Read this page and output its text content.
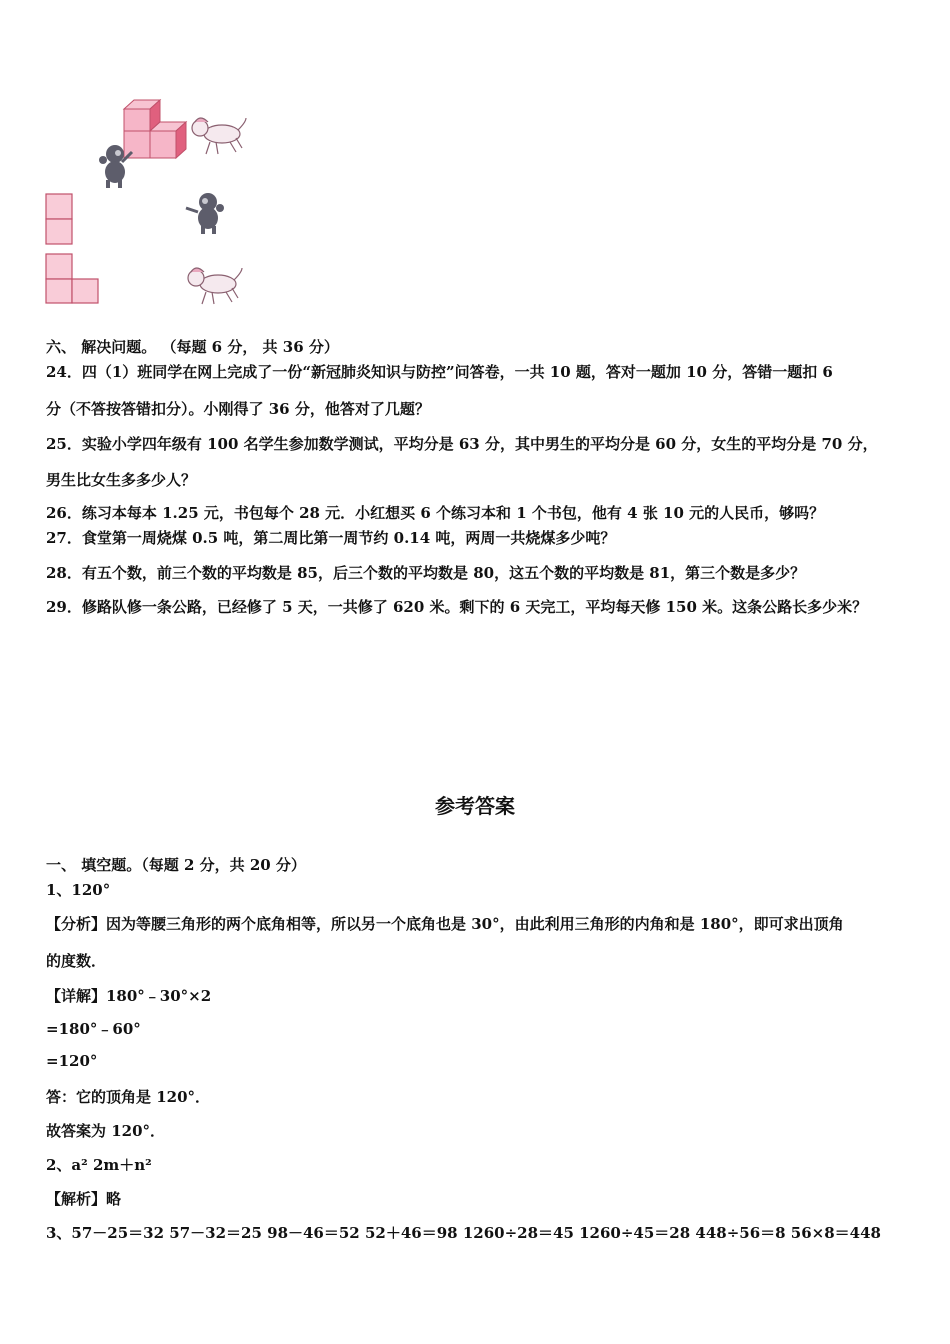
六、 解决问题。 （每题 6 分， 共 36 分）
24．四（1）班同学在网上完成了一份“新冠肺炎知识与防控”问答卷，一共 10 题，答对一题加 10 分，答错一题扣 6
分（不答按答错扣分）。小刚得了 36 分，他答对了几题？
25．实验小学四年级有 100 名学生参加数学测试，平均分是 63 分，其中男生的平均分是 60 分，女生的平均分是 70 分，
男生比女生多多少人？
26．练习本每本 1.25 元，书包每个 28 元．小红想买 6 个练习本和 1 个书包，他有 4 张 10 元的人民币，够吗？
27．食堂第一周烧煤 0.5 吨，第二周比第一周节约 0.14 吨，两周一共烧煤多少吨？
28．有五个数，前三个数的平均数是 85，后三个数的平均数是 80，这五个数的平均数是 81，第三个数是多少？
29．修路队修一条公路，已经修了 5 天，一共修了 620 米。剩下的 6 天完工，平均每天修 150 米。这条公路长多少米？
参考答案
一、 填空题。（每题 2 分，共 20 分）
1、120°
【分析】因为等腰三角形的两个底角相等，所以另一个底角也是 30°，由此利用三角形的内角和是 180°，即可求出顶角
的度数．
【详解】180°﹣30°×2
=180°﹣60°
=120°
答：它的顶角是 120°．
故答案为 120°．
2、a² 2m＋n²
【解析】略
3、57－25＝32 57－32＝25 98－46＝52 52＋46＝98 1260÷28＝45 1260÷45＝28 448÷56＝8 56×8＝448
